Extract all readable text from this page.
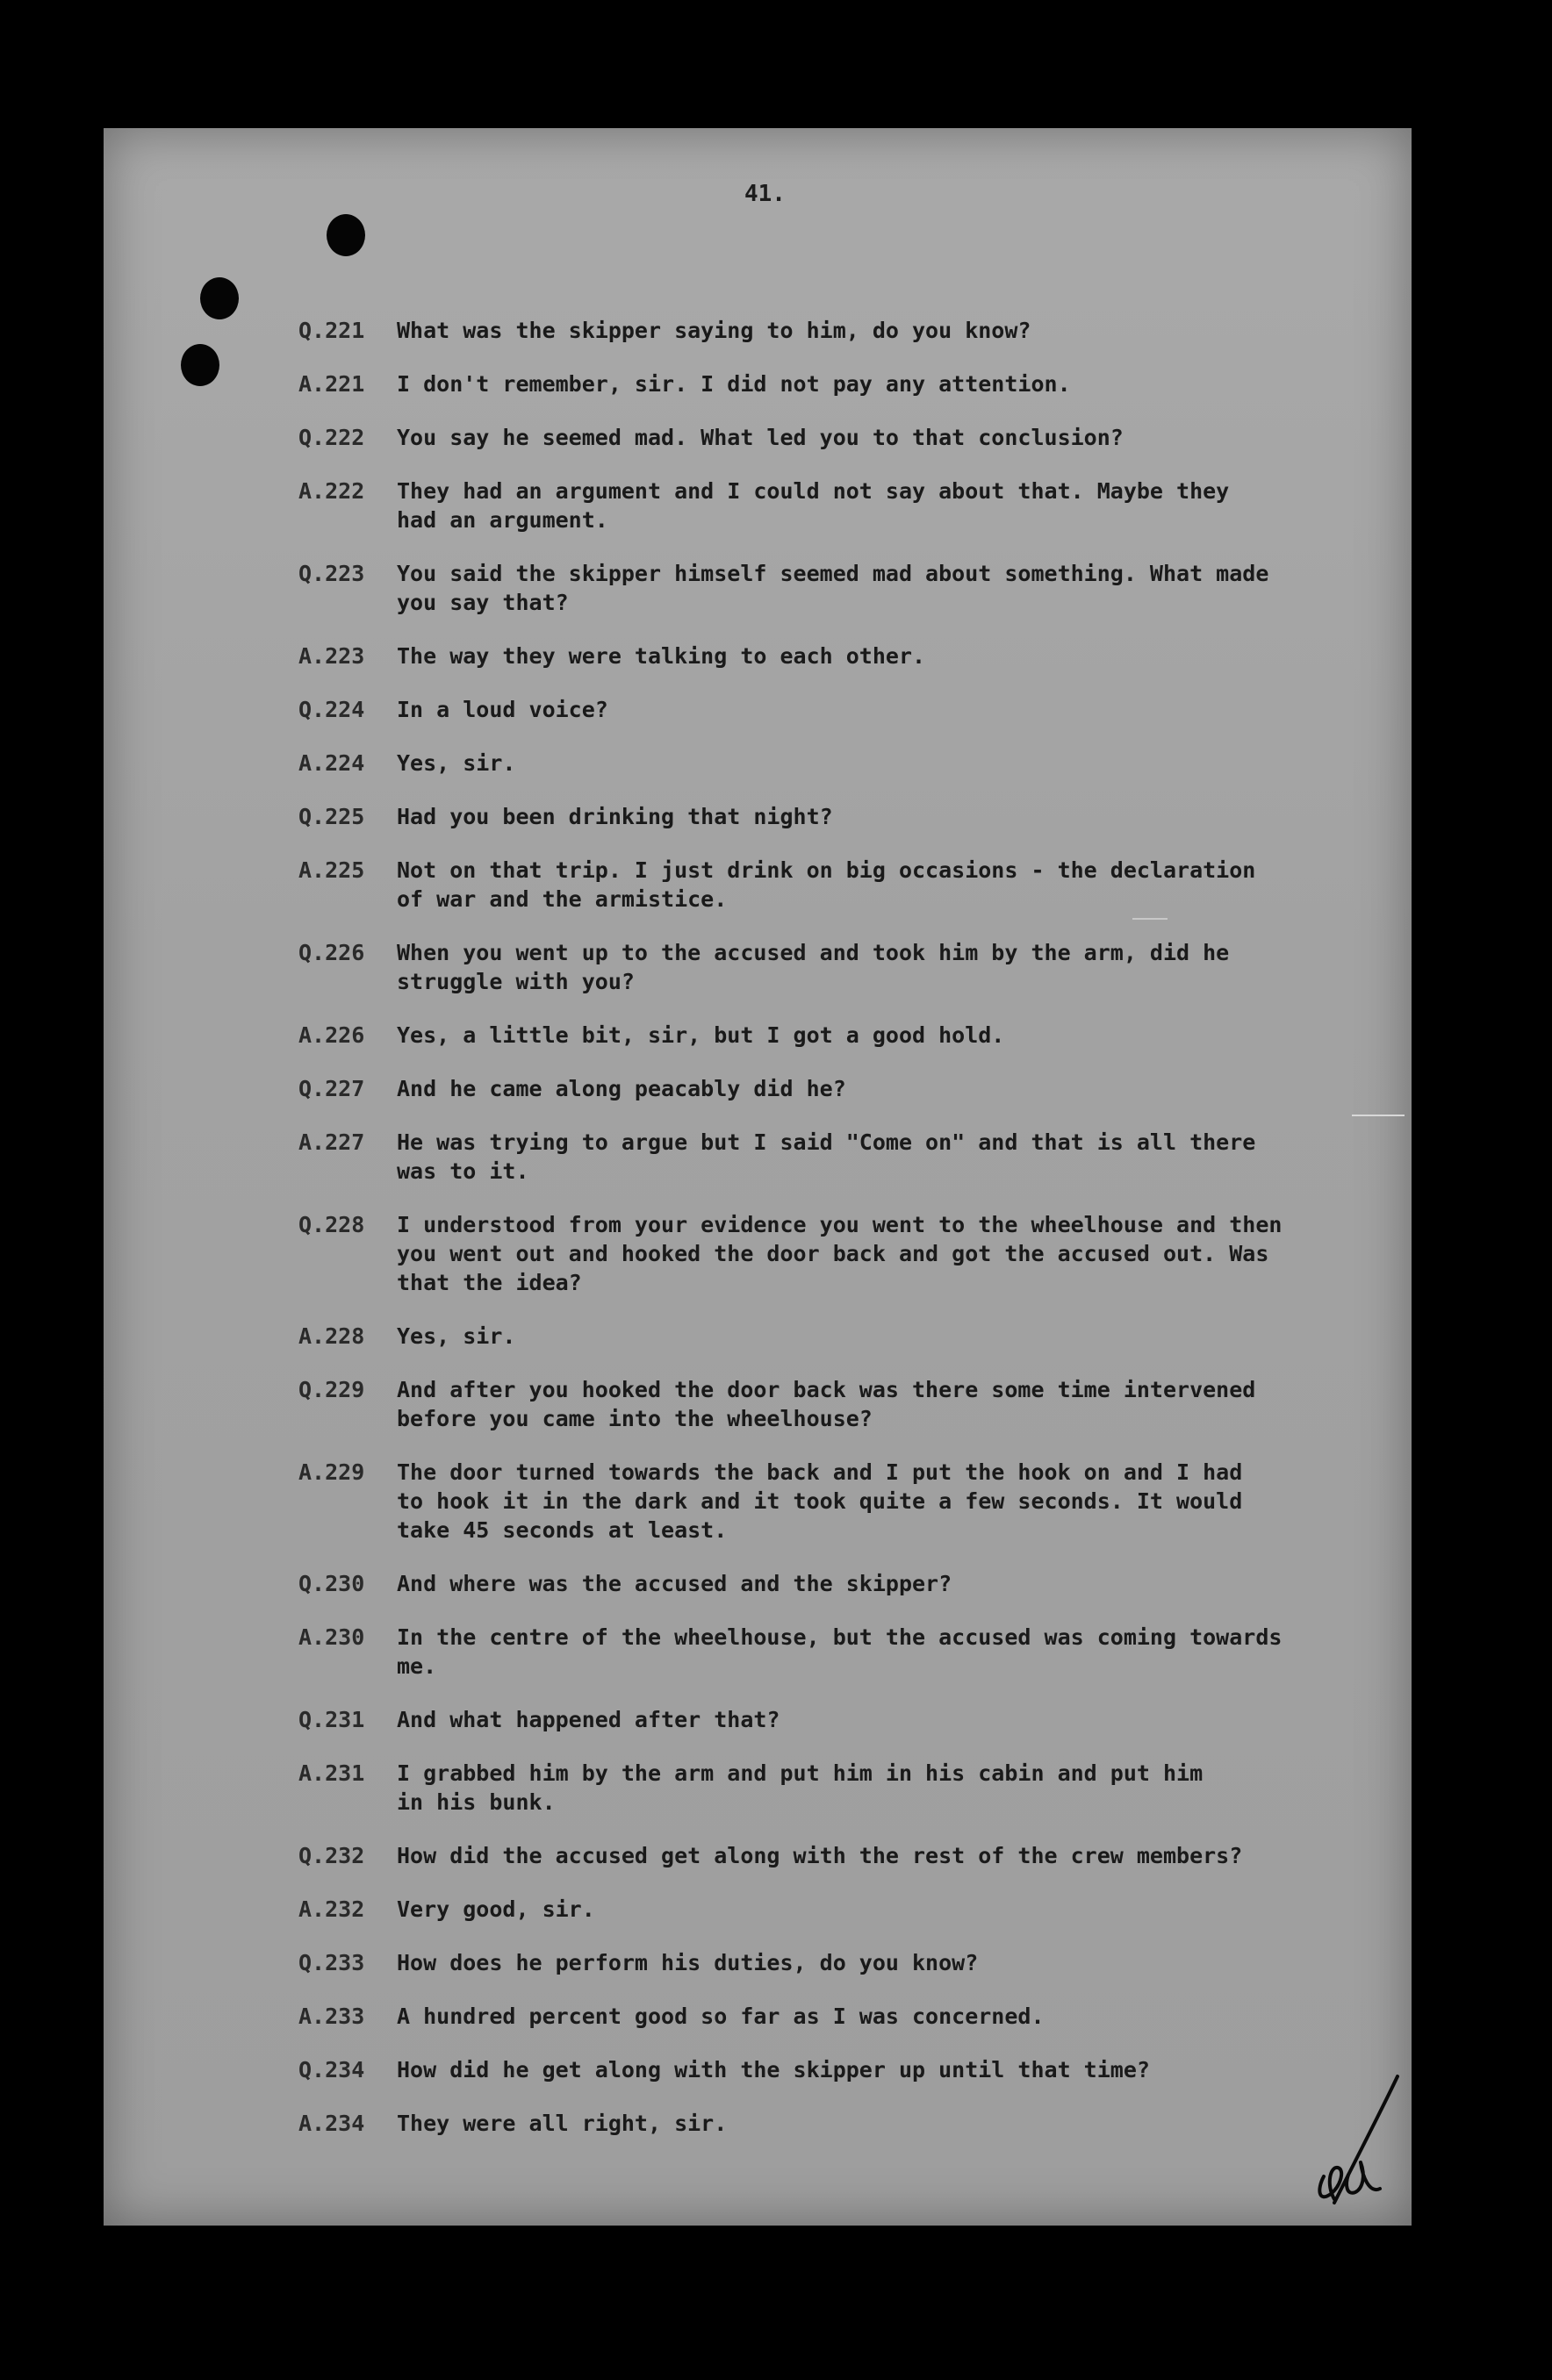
41.
Q.221	What was the skipper saying to him, do you know?
A.221	I don't remember, sir. I did not pay any attention.
Q.222	You say he seemed mad. What led you to that conclusion?
A.222	They had an argument and I could not say about that. Maybe they
had an argument.
Q.223	You said the skipper himself seemed mad about something. What made
you say that?
A.223	The way they were talking to each other.
Q.224	In a loud voice?
A.224	Yes, sir.
Q.225	Had you been drinking that night?
A.225	Not on that trip. I just drink on big occasions - the declaration
of war and the armistice.
Q.226	When you went up to the accused and took him by the arm, did he
struggle with you?
A.226	Yes, a little bit, sir, but I got a good hold.
Q.227	And he came along peacably did he?
A.227	He was trying to argue but I said "Come on" and that is all there
was to it.
Q.228	I understood from your evidence you went to the wheelhouse and then
you went out and hooked the door back and got the accused out. Was
that the idea?
A.228	Yes, sir.
Q.229	And after you hooked the door back was there some time intervened
before you came into the wheelhouse?
A.229	The door turned towards the back and I put the hook on and I had
to hook it in the dark and it took quite a few seconds. It would
take 45 seconds at least.
Q.230	And where was the accused and the skipper?
A.230	In the centre of the wheelhouse, but the accused was coming towards
me.
Q.231	And what happened after that?
A.231	I grabbed him by the arm and put him in his cabin and put him
in his bunk.
Q.232	How did the accused get along with the rest of the crew members?
A.232	Very good, sir.
Q.233	How does he perform his duties, do you know?
A.233	A hundred percent good so far as I was concerned.
Q.234	How did he get along with the skipper up until that time?
A.234	They were all right, sir.
